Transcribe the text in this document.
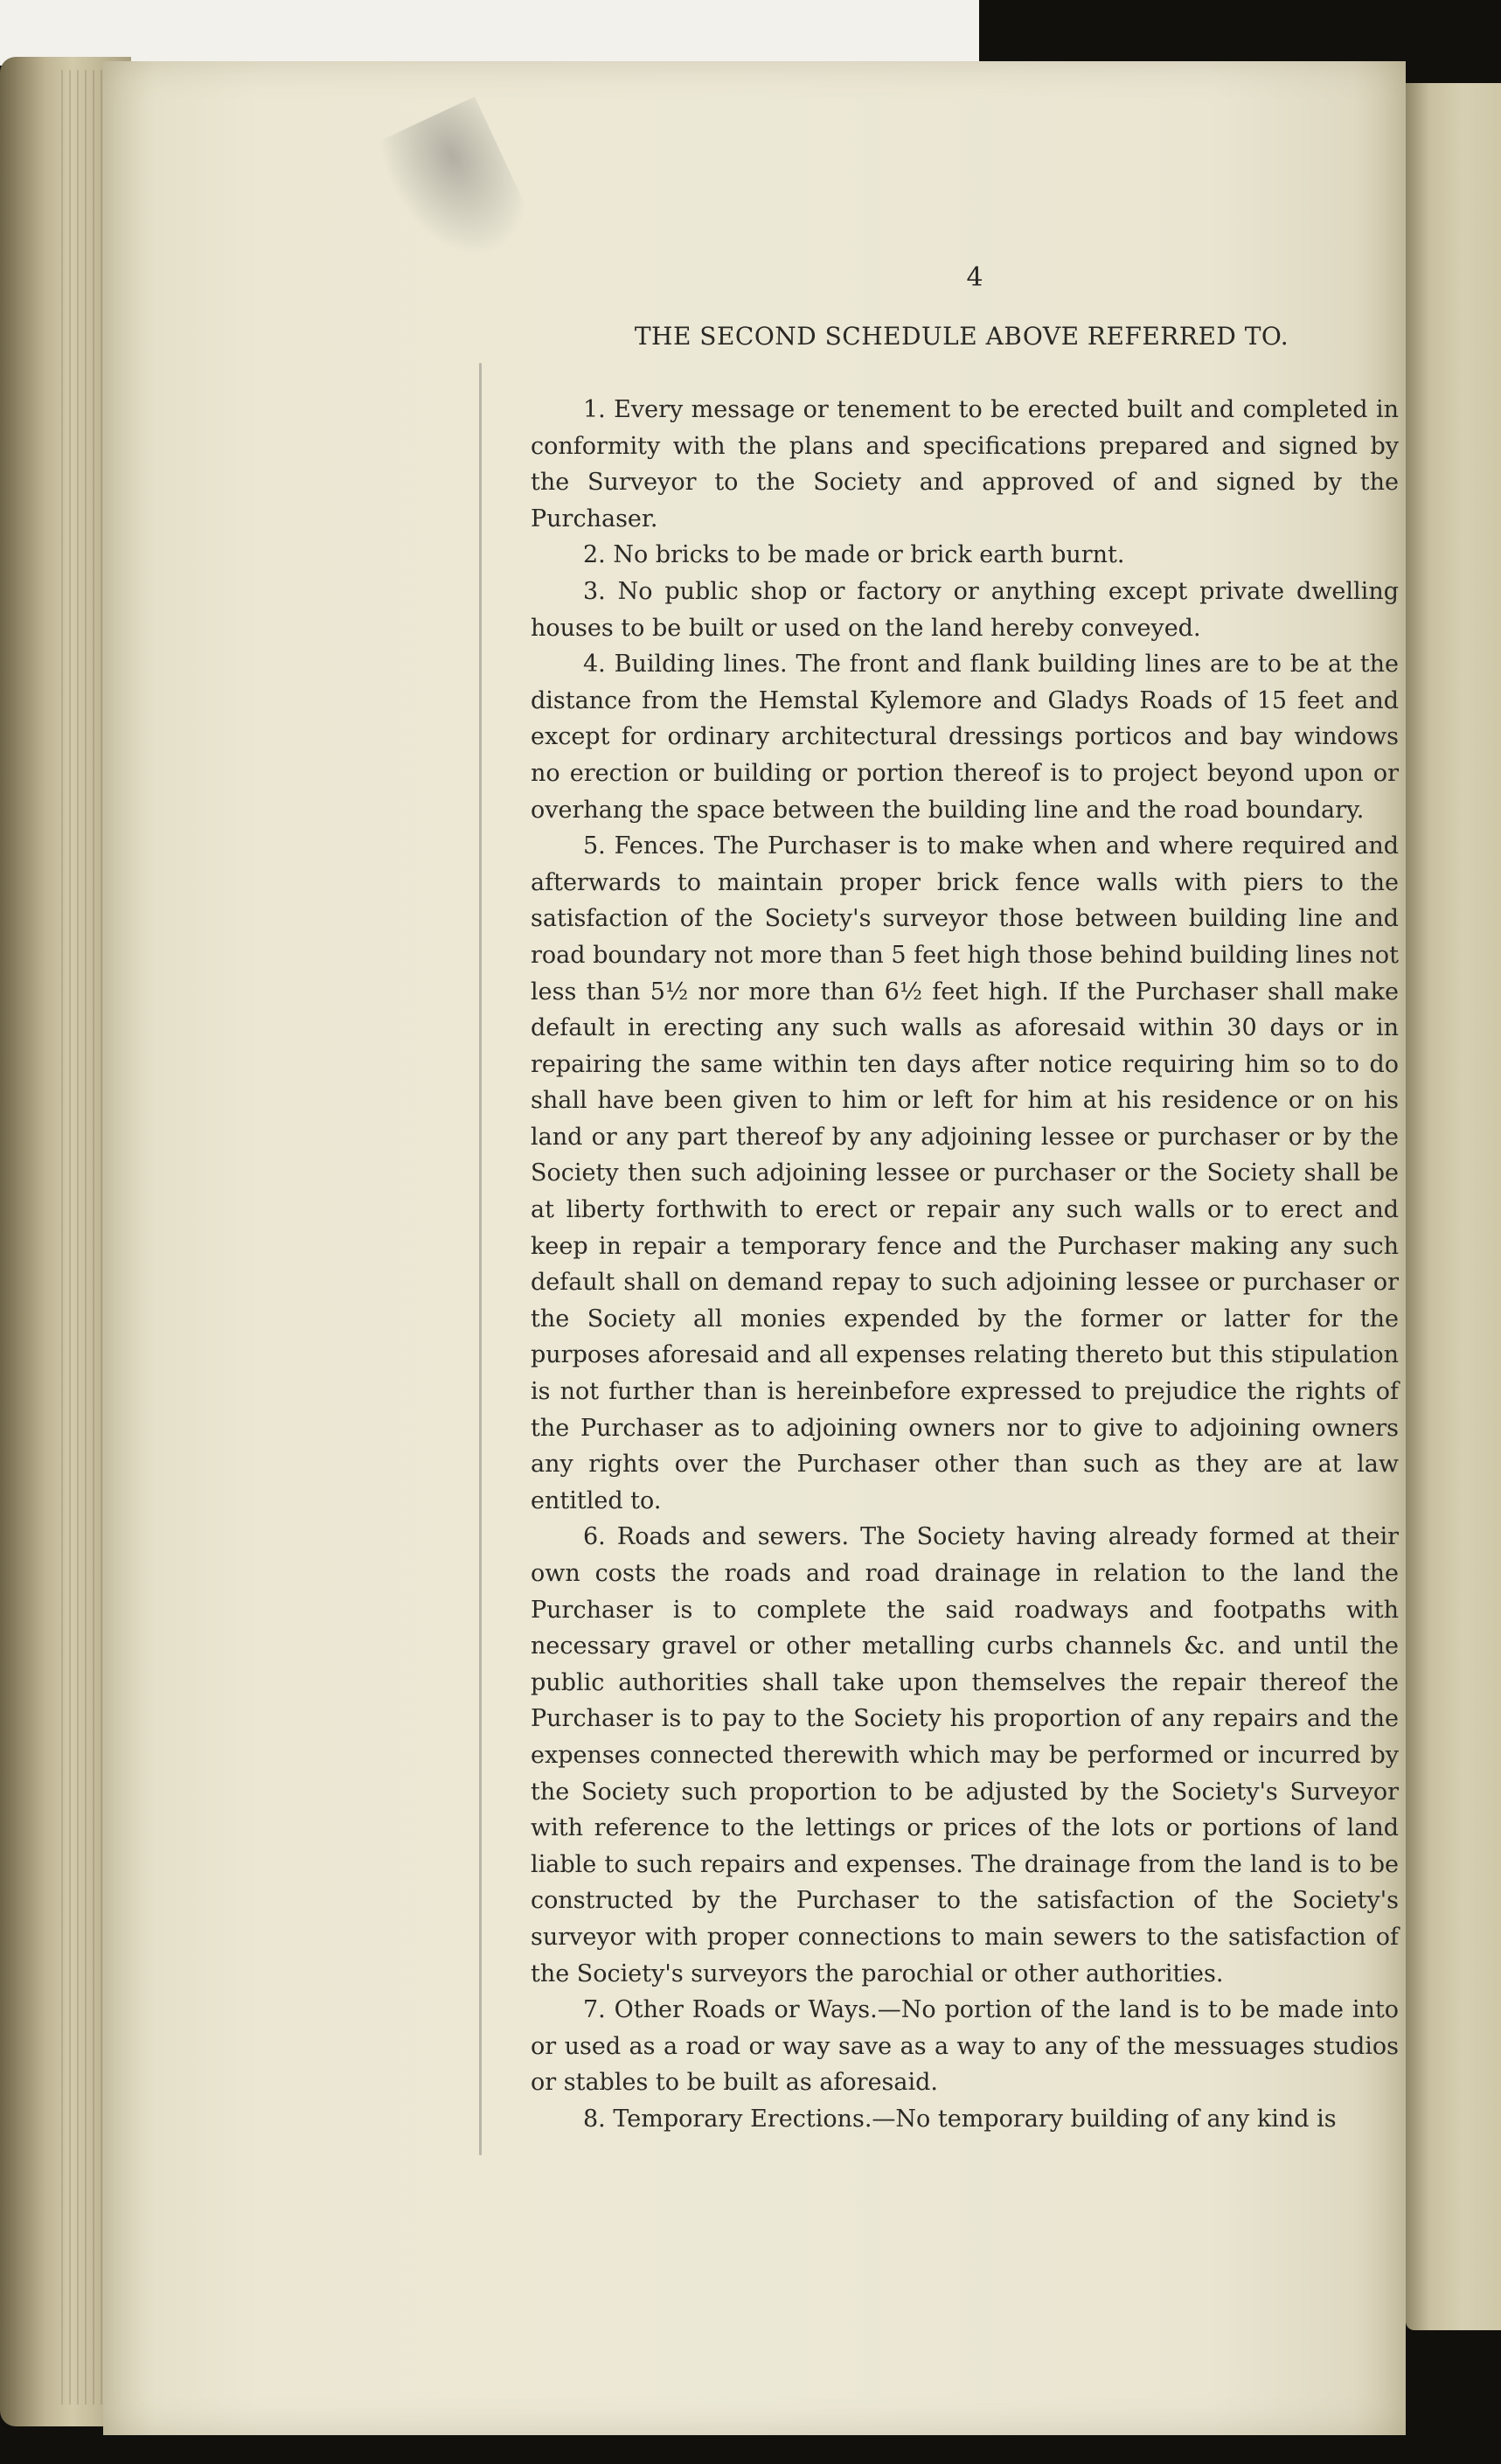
4
THE SECOND SCHEDULE ABOVE REFERRED TO.

1. Every message or tenement to be erected built and completed in conformity with the plans and specifications prepared and signed by the Surveyor to the Society and approved of and signed by the Purchaser.

2. No bricks to be made or brick earth burnt.

3. No public shop or factory or anything except private dwelling houses to be built or used on the land hereby conveyed.

4. Building lines. The front and flank building lines are to be at the distance from the Hemstal Kylemore and Gladys Roads of 15 feet and except for ordinary architectural dressings porticos and bay windows no erection or building or portion thereof is to project beyond upon or overhang the space between the building line and the road boundary.

5. Fences. The Purchaser is to make when and where required and afterwards to maintain proper brick fence walls with piers to the satisfaction of the Society's surveyor those between building line and road boundary not more than 5 feet high those behind building lines not less than 5½ nor more than 6½ feet high. If the Purchaser shall make default in erecting any such walls as aforesaid within 30 days or in repairing the same within ten days after notice requiring him so to do shall have been given to him or left for him at his residence or on his land or any part thereof by any adjoining lessee or purchaser or by the Society then such adjoining lessee or purchaser or the Society shall be at liberty forthwith to erect or repair any such walls or to erect and keep in repair a temporary fence and the Purchaser making any such default shall on demand repay to such adjoining lessee or purchaser or the Society all monies expended by the former or latter for the purposes aforesaid and all expenses relating thereto but this stipulation is not further than is hereinbefore expressed to prejudice the rights of the Purchaser as to adjoining owners nor to give to adjoining owners any rights over the Purchaser other than such as they are at law entitled to.

6. Roads and sewers. The Society having already formed at their own costs the roads and road drainage in relation to the land the Purchaser is to complete the said roadways and footpaths with necessary gravel or other metalling curbs channels &c. and until the public authorities shall take upon themselves the repair thereof the Purchaser is to pay to the Society his proportion of any repairs and the expenses connected therewith which may be performed or incurred by the Society such proportion to be adjusted by the Society's Surveyor with reference to the lettings or prices of the lots or portions of land liable to such repairs and expenses. The drainage from the land is to be constructed by the Purchaser to the satisfaction of the Society's surveyor with proper connections to main sewers to the satisfaction of the Society's surveyors the parochial or other authorities.

7. Other Roads or Ways.—No portion of the land is to be made into or used as a road or way save as a way to any of the messuages studios or stables to be built as aforesaid.

8. Temporary Erections.—No temporary building of any kind is
